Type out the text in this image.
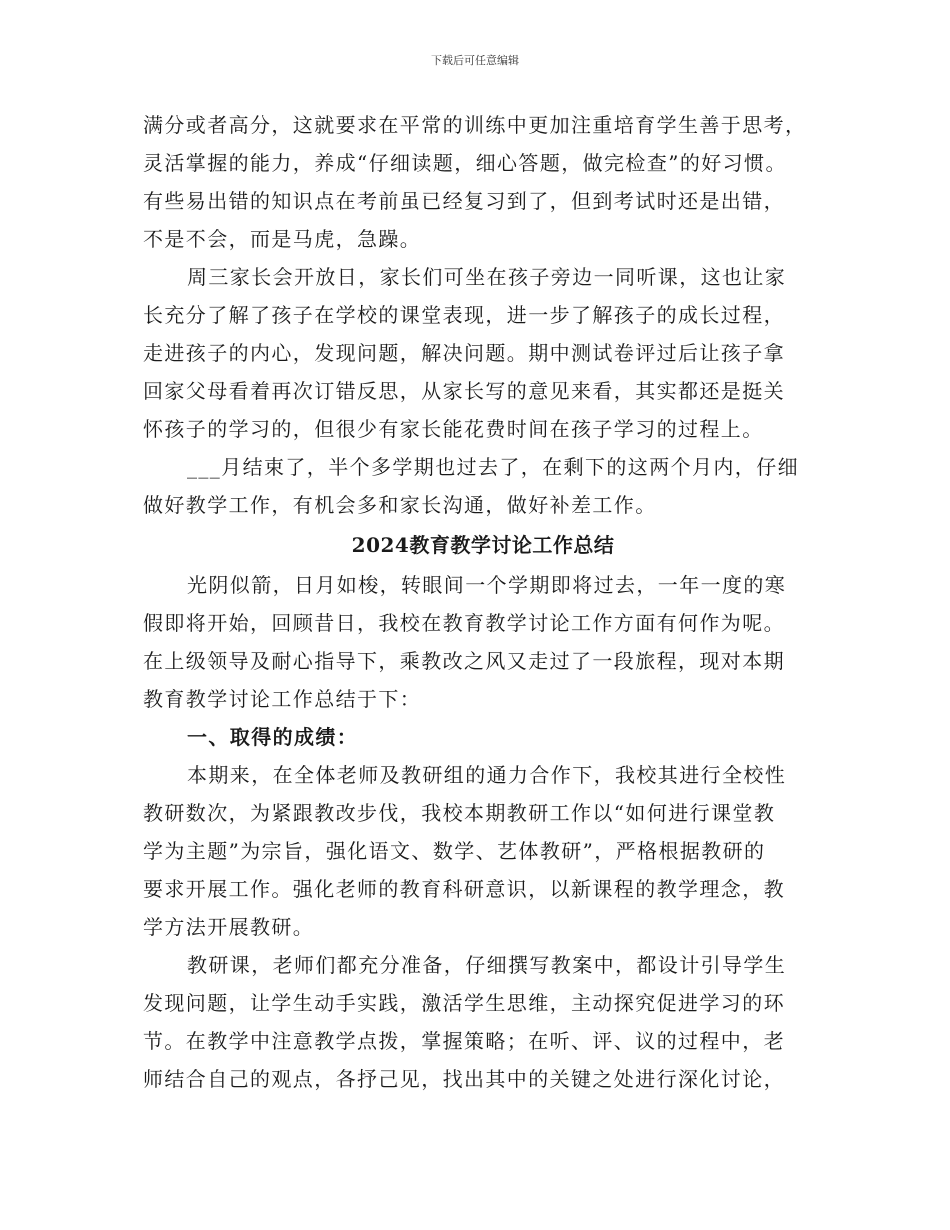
下载后可任意编辑
满分或者高分，这就要求在平常的训练中更加注重培育学生善于思考，
灵活掌握的能力，养成“仔细读题，细心答题，做完检查”的好习惯。
有些易出错的知识点在考前虽已经复习到了，但到考试时还是出错，
不是不会，而是马虎，急躁。
周三家长会开放日，家长们可坐在孩子旁边一同听课，这也让家
长充分了解了孩子在学校的课堂表现，进一步了解孩子的成长过程，
走进孩子的内心，发现问题，解决问题。期中测试卷评过后让孩子拿
回家父母看着再次订错反思，从家长写的意见来看，其实都还是挺关
怀孩子的学习的，但很少有家长能花费时间在孩子学习的过程上。
___月结束了，半个多学期也过去了，在剩下的这两个月内，仔细
做好教学工作，有机会多和家长沟通，做好补差工作。
2024教育教学讨论工作总结
光阴似箭，日月如梭，转眼间一个学期即将过去，一年一度的寒
假即将开始，回顾昔日，我校在教育教学讨论工作方面有何作为呢。
在上级领导及耐心指导下，乘教改之风又走过了一段旅程，现对本期
教育教学讨论工作总结于下：
一、取得的成绩：
本期来，在全体老师及教研组的通力合作下，我校其进行全校性
教研数次，为紧跟教改步伐，我校本期教研工作以“如何进行课堂教
学为主题”为宗旨，强化语文、数学、艺体教研”，严格根据教研的
要求开展工作。强化老师的教育科研意识，以新课程的教学理念，教
学方法开展教研。
教研课，老师们都充分准备，仔细撰写教案中，都设计引导学生
发现问题，让学生动手实践，激活学生思维，主动探究促进学习的环
节。在教学中注意教学点拨，掌握策略；在听、评、议的过程中，老
师结合自己的观点，各抒己见，找出其中的关键之处进行深化讨论，
